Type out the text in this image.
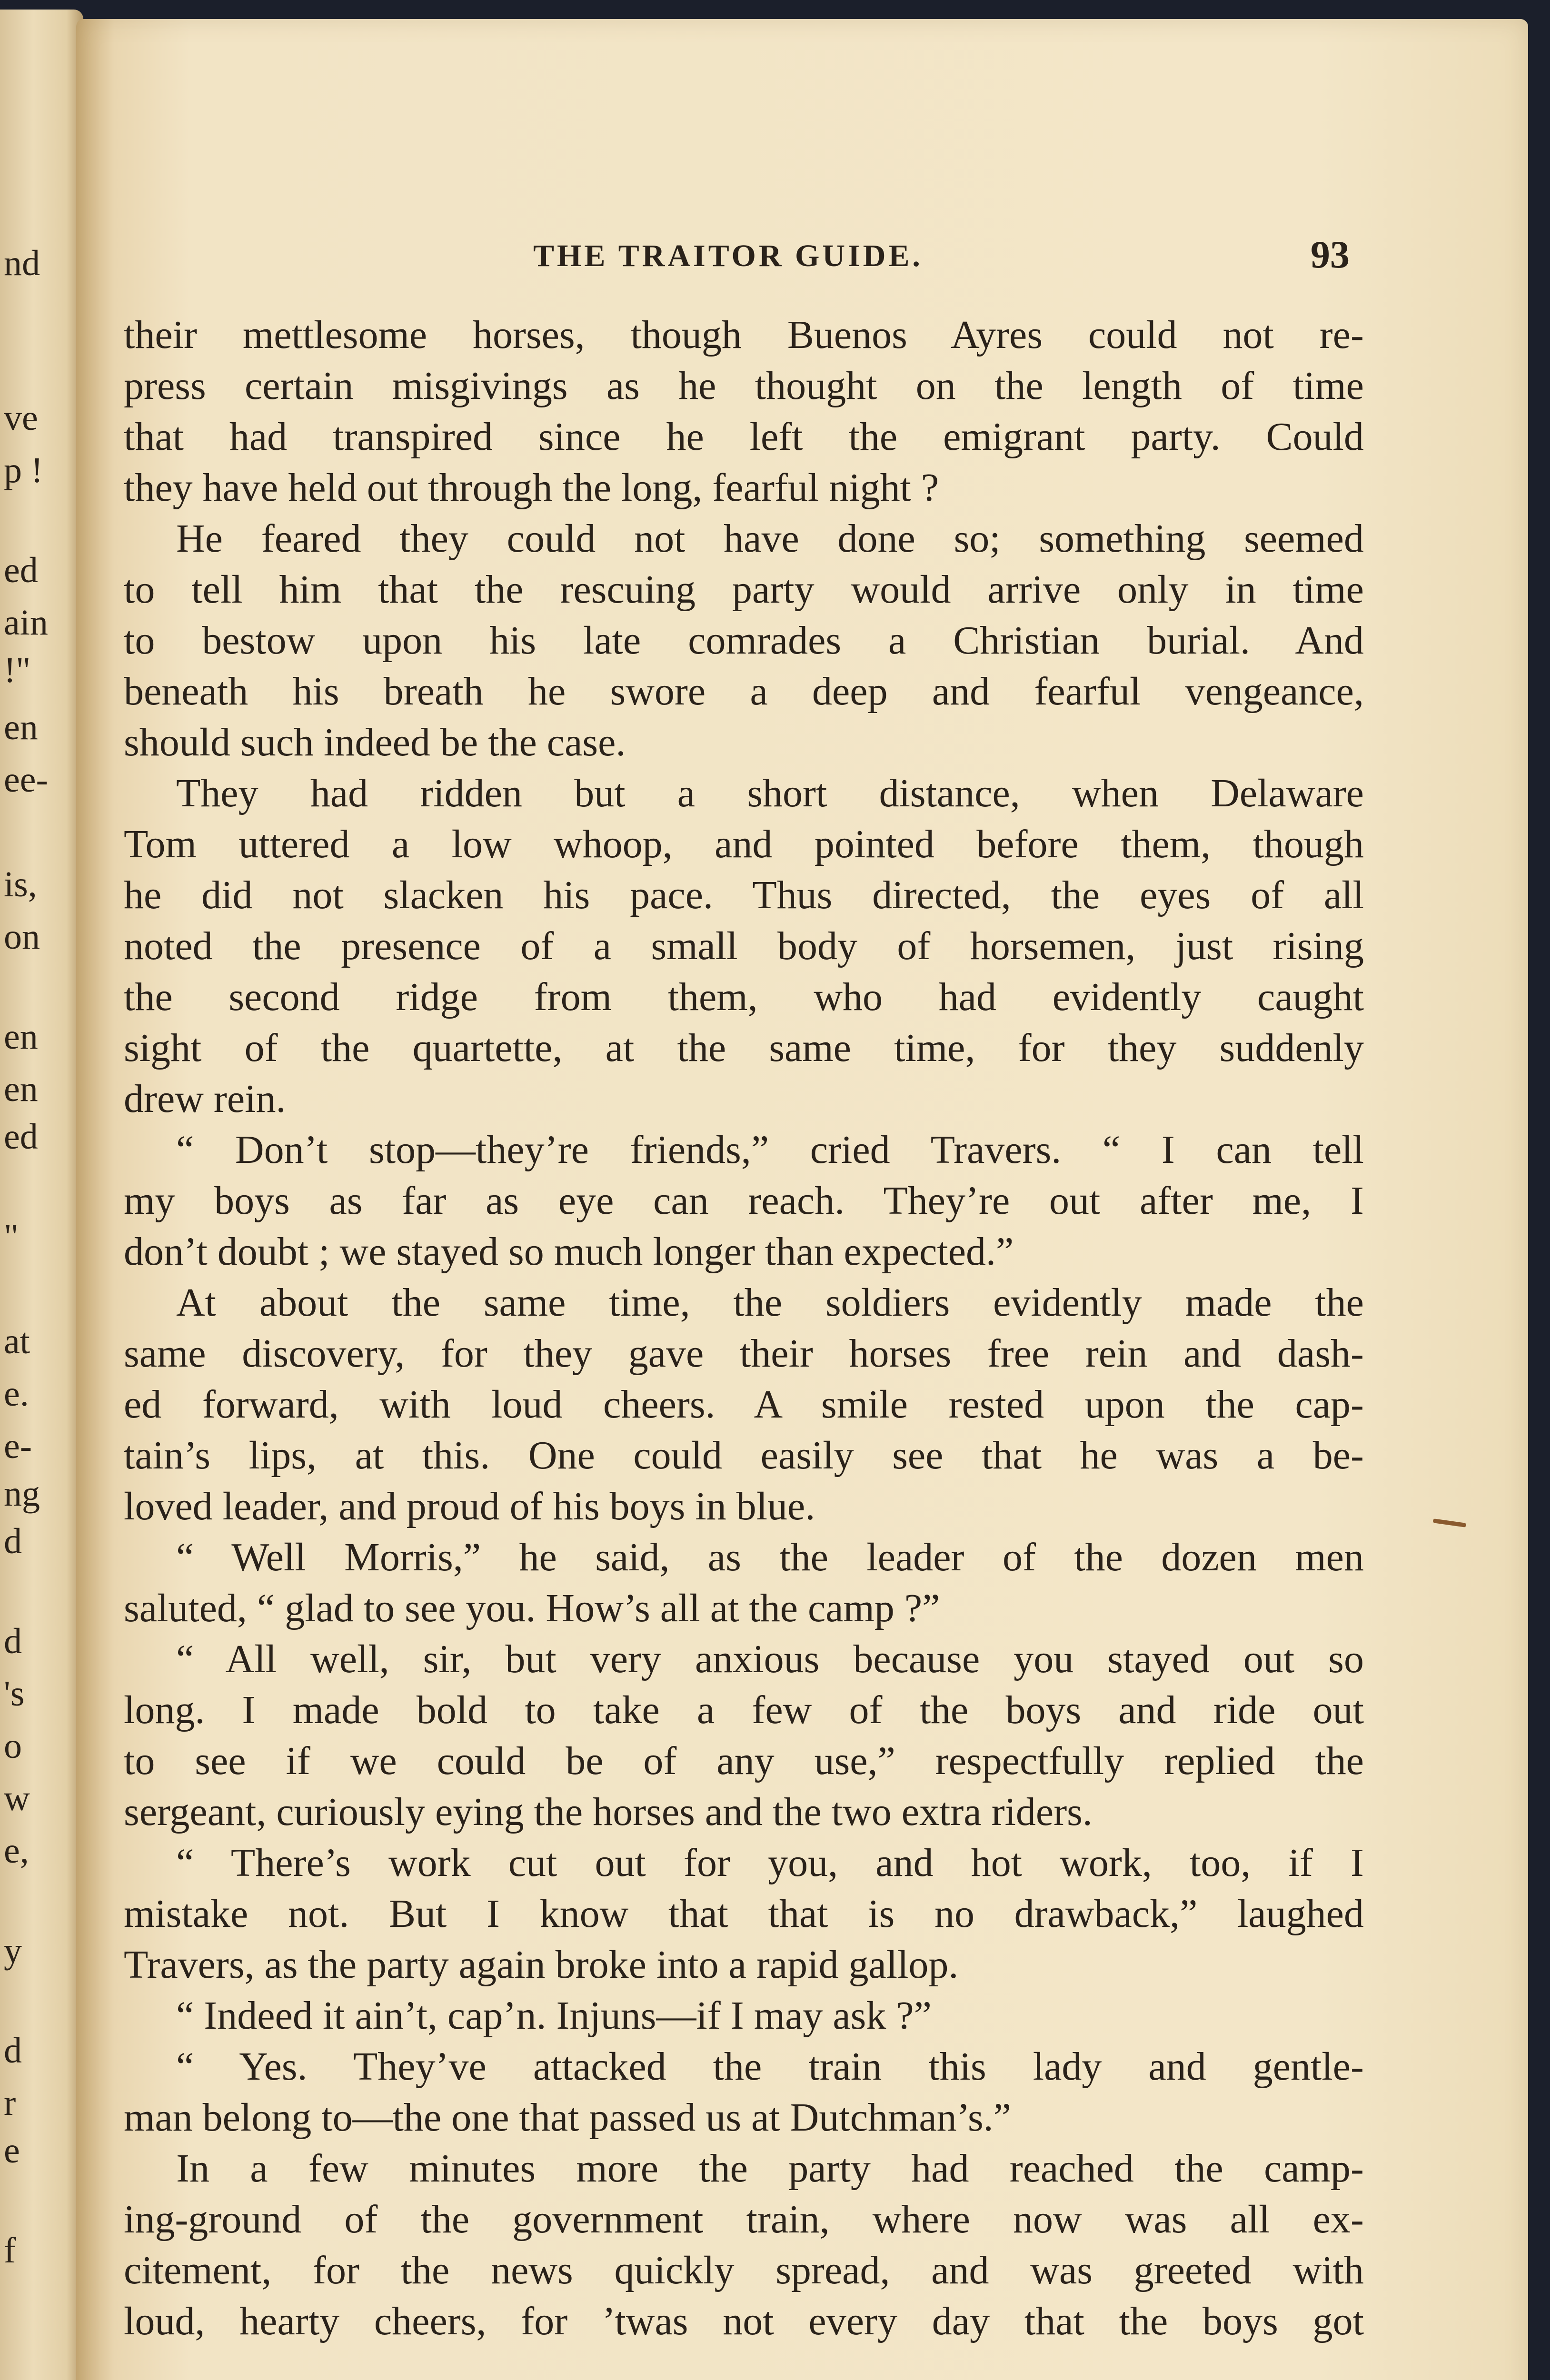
nd
ve
p !
ed
ain
!"
en
ee-
is,
on
en
en
ed
"
at
e.
e-
ng
d
d
's
o
w
e,
y
d
r
e
f
THE TRAITOR GUIDE.	93
their mettlesome horses, though Buenos Ayres could not re-
press certain misgivings as he thought on the length of time
that had transpired since he left the emigrant party. Could
they have held out through the long, fearful night ?
He feared they could not have done so; something seemed
to tell him that the rescuing party would arrive only in time
to bestow upon his late comrades a Christian burial. And
beneath his breath he swore a deep and fearful vengeance,
should such indeed be the case.
They had ridden but a short distance, when Delaware
Tom uttered a low whoop, and pointed before them, though
he did not slacken his pace. Thus directed, the eyes of all
noted the presence of a small body of horsemen, just rising
the second ridge from them, who had evidently caught
sight of the quartette, at the same time, for they suddenly
drew rein.
“ Don’t stop—they’re friends,” cried Travers. “ I can tell
my boys as far as eye can reach. They’re out after me, I
don’t doubt ; we stayed so much longer than expected.”
At about the same time, the soldiers evidently made the
same discovery, for they gave their horses free rein and dash-
ed forward, with loud cheers. A smile rested upon the cap-
tain’s lips, at this. One could easily see that he was a be-
loved leader, and proud of his boys in blue.
“ Well Morris,” he said, as the leader of the dozen men
saluted, “ glad to see you. How’s all at the camp ?”
“ All well, sir, but very anxious because you stayed out so
long. I made bold to take a few of the boys and ride out
to see if we could be of any use,” respectfully replied the
sergeant, curiously eying the horses and the two extra riders.
“ There’s work cut out for you, and hot work, too, if I
mistake not. But I know that that is no drawback,” laughed
Travers, as the party again broke into a rapid gallop.
“ Indeed it ain’t, cap’n. Injuns—if I may ask ?”
“ Yes. They’ve attacked the train this lady and gentle-
man belong to—the one that passed us at Dutchman’s.”
In a few minutes more the party had reached the camp-
ing-ground of the government train, where now was all ex-
citement, for the news quickly spread, and was greeted with
loud, hearty cheers, for ’twas not every day that the boys got
